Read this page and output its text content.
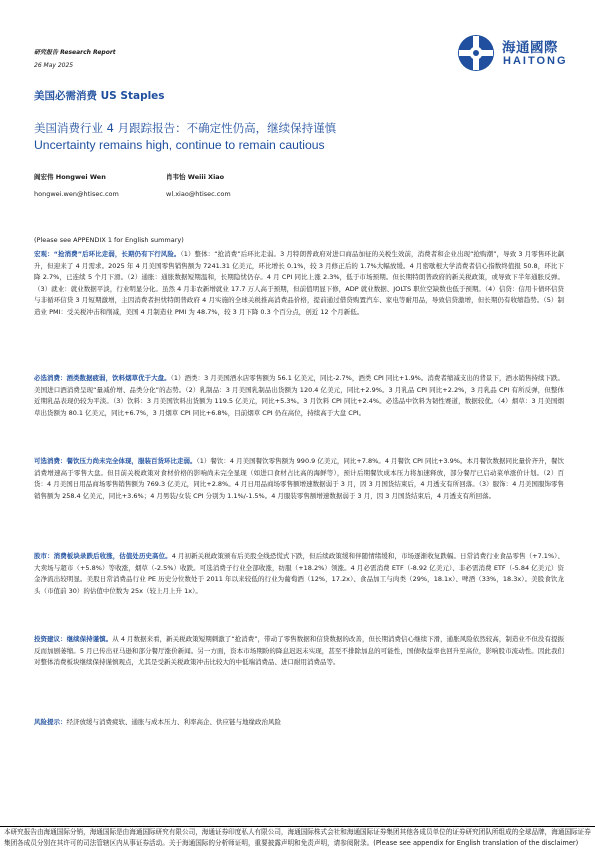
研究报告 Research Report
26 May 2025
海通國際
HAITONG
美国必需消费 US Staples
美国消费行业 4 月跟踪报告：不确定性仍高，继续保持谨慎
Uncertainty remains high, continue to remain cautious
阎宏伟 Hongwei Wen
hongwei.wen@htisec.com
肖韦怡 Weiii Xiao
wl.xiao@htisec.com
(Please see APPENDIX 1 for English summary)

宏观：“抢消费”后环比走弱，长期仍有下行风险。（1）整体：“抢消费”后环比走弱。3 月特朗普政府对进口商品加征的关税生效前，消费者和企业出现“抢购潮”，导致 3 月零售环比飙升，但迎来了 4 月需求。2025 年 4 月美国零售销售额为 7241.31 亿美元，环比增长 0.1%，较 3 月修正后的 1.7%大幅放缓。4 月密歇根大学消费者信心指数终值报 50.8，环比下降 2.7%，已连续 5 个月下滑。（2）通胀：通胀数据短期温和，长期隐忧仍存。4 月 CPI 同比上涨 2.3%，低于市场预期。但长期特朗普政府的新关税政策，或导致下半年通胀反弹。（3）就业：就业数据平淡，行业明显分化。虽然 4 月非农新增就业 17.7 万人高于预期，但前值明显下修，ADP 就业数据、JOLTS 职位空缺数也低于预期。（4）信贷：信用卡债环信贷与非循环信贷 3 月短期激增，主因消费者担忧特朗普政府 4 月实施的全球关税推高消费品价格，提前通过借贷购置汽车、家电等耐用品，导致信贷激增，但长期仍有收缩趋势。（5）制造业 PMI：受关税冲击和削减，美国 4 月制造业 PMI 为 48.7%，较 3 月下降 0.3 个百分点，创近 12 个月新低。

必选消费：酒类数据疲弱，饮料烟草优于大盘。（1）酒类：3 月美国酒水店零售额为 56.1 亿美元，同比-2.7%，酒类 CPI 同比+1.9%。消费者缩减支出的背景下，酒水销售持续下跌。美国进口酒消费呈现“量减价增、品类分化”的态势。（2）乳制品：3 月美国乳制品出货额为 120.4 亿美元，同比+2.9%。3 月乳品 CPI 同比+2.2%，3 月乳品 CPI 有所反弹，但整体近期乳品表现仍较为平淡。（3）饮料：3 月美国饮料出货额为 119.5 亿美元，同比+5.3%。3 月饮料 CPI 同比+2.4%。必选品中饮料为韧性赛道，数据较优。（4）烟草：3 月美国烟草出货额为 80.1 亿美元，同比+6.7%，3 月烟草 CPI 同比+6.8%，目前烟草 CPI 仍在高位，持续高于大盘 CPI。

可选消费：餐饮压力尚未完全体现，服装百货环比走弱。（1）餐饮：4 月美国餐饮零售额为 990.9 亿美元，同比+7.8%。4 月餐饮 CPI 同比+3.9%。本月餐饮数据同比量价齐升，餐饮消费增速高于零售大盘。但目前关税政策对食材价格的影响尚未完全显现（如进口食材占比高的海鲜等），预计后期餐饮成本压力将加速释放，部分餐厅已启动菜单涨价计划。（2）百货：4 月美国日用品商场零售销售额为 769.3 亿美元，同比+2.8%。4 月日用品商场零售额增速数据弱于 3 月，因 3 月国货结束后，4 月透支有所回落。（3）服饰：4 月美国服饰零售销售额为 258.4 亿美元，同比+3.6%；4 月男装/女装 CPI 分别为 1.1%/-1.5%。4 月服装零售额增速数据弱于 3 月，因 3 月国货结束后，4 月透支有所回落。

股市：消费板块录跌后收涨，估值处历史高位。4 月初新关税政策颁布后美股全线恐慌式下跌，但后续政策缓和伴随情绪缓和，市场逐渐收复跌幅。日常消费行业食品零售（+7.1%）、大卖场与超市（+5.8%）等收涨，烟草（-2.5%）收跌。可选消费子行业全部收涨，纺服（+18.2%）领涨。4 月必需消费 ETF（-8.92 亿美元）、非必需消费 ETF（-5.84 亿美元）资金净流出较明显。美股日常消费品行业 PE 历史分位数处于 2011 年以来较低的行业为葡萄酒（12%，17.2x）、食品加工与肉类（29%，18.1x）、啤酒（33%，18.3x）。美股食饮龙头（市值前 30）的估值中位数为 25x（较上月上升 1x）。

投资建议：继续保持谨慎。从 4 月数据来看，新关税政策短期刺激了“抢消费”，带动了零售数据和信贷数据的改善，但长期消费信心继续下滑，通胀风险依然较高，制造业不但没有提振反而加剧萎缩。5 月已传出亚马逊和部分餐厅涨价新闻。另一方面，资本市场期盼的降息迟迟未实现，甚至不排除加息的可能性，国债收益率也回升至高位，影响股市流动性。因此我们对整体消费板块继续保持谨慎观点，尤其是受新关税政策冲击比较大的中低端消费品、进口耐用消费品等。

风险提示：经济放缓与消费疲软、通胀与成本压力、利率高企、供应链与地缘政治风险

本研究报告由海通国际分销，海通国际是由海通国际研究有限公司，海通证券印度私人有限公司，海通国际株式会社和海通国际证券集团其他各成员单位的证券研究团队所组成的全球品牌，海通国际证券集团各成员分别在其许可的司法管辖区内从事证券活动。关于海通国际的分析师证明，重要披露声明和免责声明，请参阅附录。(Please see appendix for English translation of the disclaimer)
